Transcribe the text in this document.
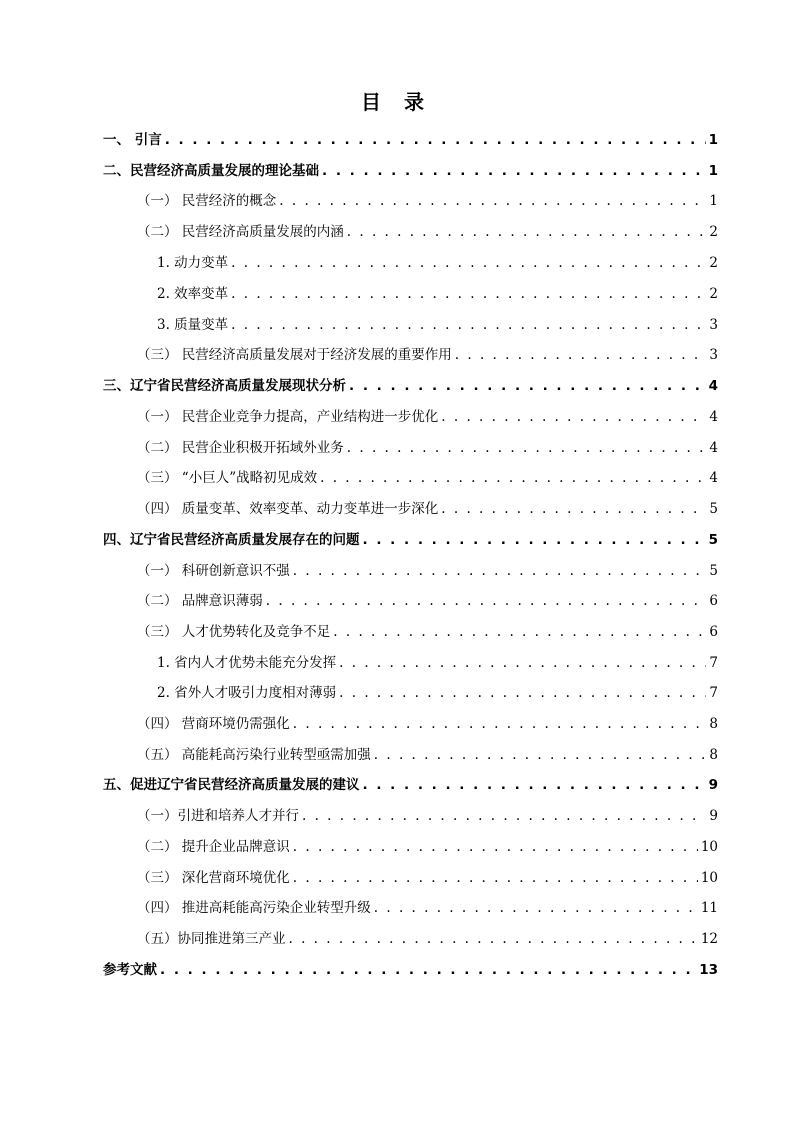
目 录
一、 引言 . . .	1
二、民营经济高质量发展的理论基础 . . .	1
（一） 民营经济的概念 . . .	1
（二） 民营经济高质量发展的内涵 . . .	2
1. 动力变革 . . .	2
2. 效率变革 . . .	2
3. 质量变革 . . .	3
（三） 民营经济高质量发展对于经济发展的重要作用 . . .	3
三、辽宁省民营经济高质量发展现状分析 . . .	4
（一） 民营企业竞争力提高，产业结构进一步优化 . . .	4
（二） 民营企业积极开拓域外业务 . . .	4
（三） “小巨人”战略初见成效 . . .	4
（四） 质量变革、效率变革、动力变革进一步深化 . . .	5
四、辽宁省民营经济高质量发展存在的问题 . . .	5
（一） 科研创新意识不强 . . .	5
（二） 品牌意识薄弱 . . .	6
（三） 人才优势转化及竞争不足 . . .	6
1. 省内人才优势未能充分发挥 . . .	7
2. 省外人才吸引力度相对薄弱 . . .	7
（四） 营商环境仍需强化 . . .	8
（五） 高能耗高污染行业转型亟需加强 . . .	8
五、促进辽宁省民营经济高质量发展的建议 . . .	9
（一）引进和培养人才并行 . . .	9
（二） 提升企业品牌意识 . . .	10
（三） 深化营商环境优化 . . .	10
（四） 推进高耗能高污染企业转型升级 . . .	11
（五）协同推进第三产业 . . .	12
参考文献 . . .	13
